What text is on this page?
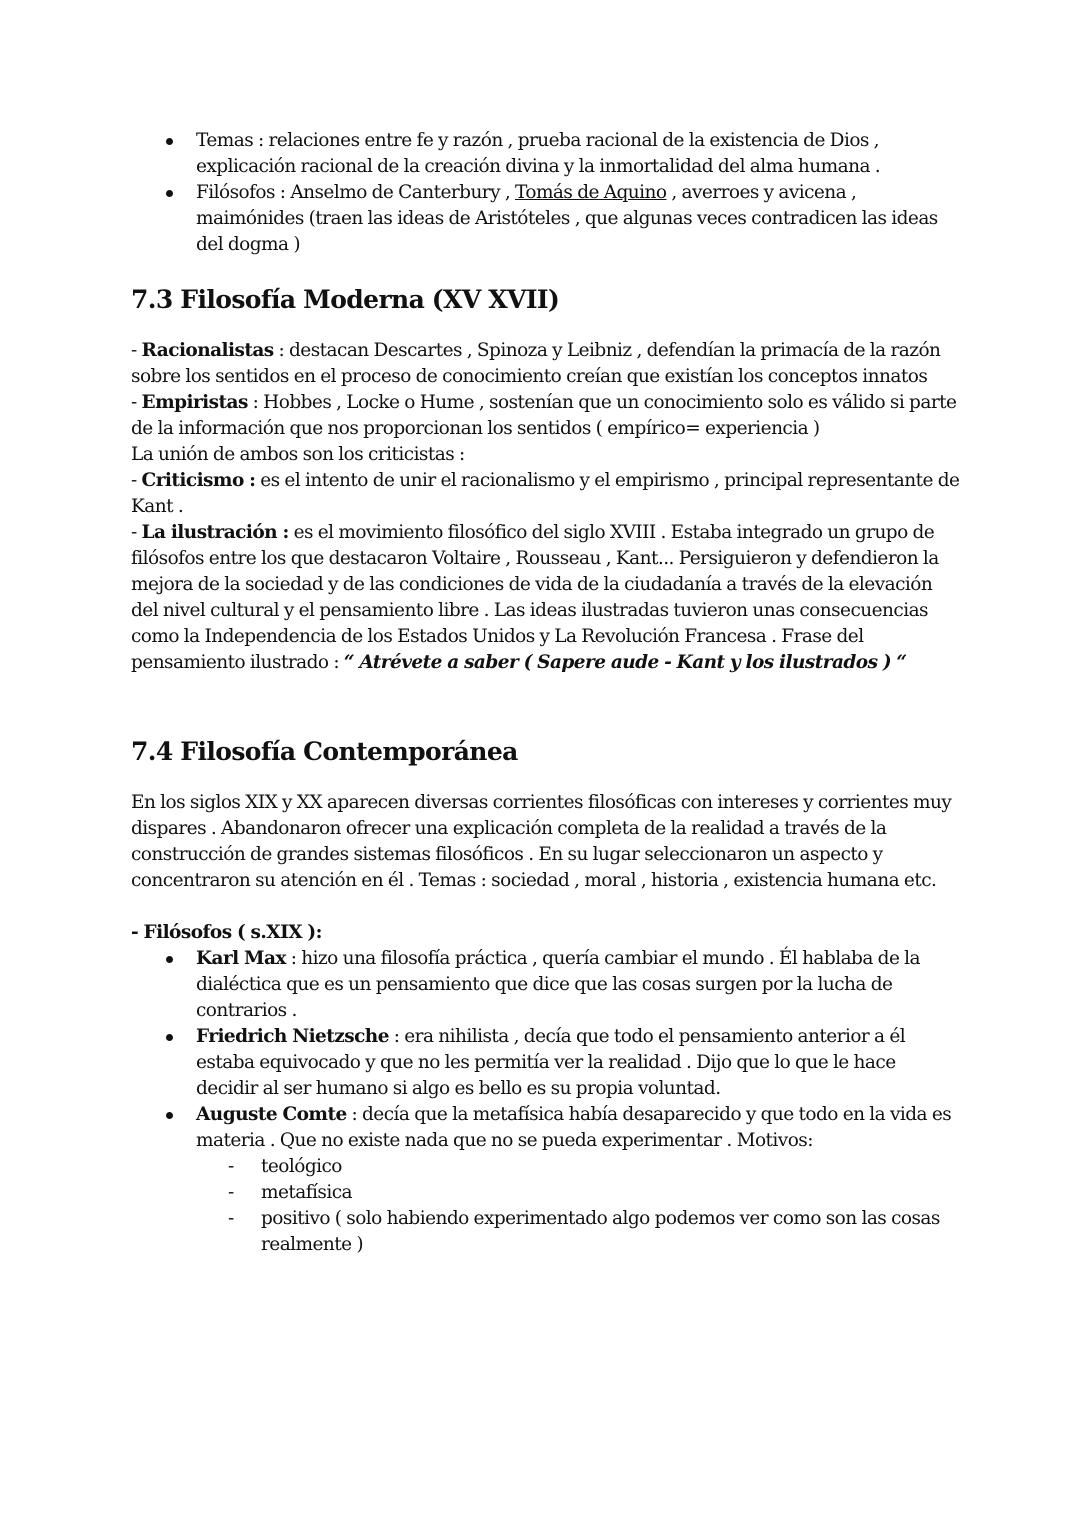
Temas : relaciones entre fe y razón , prueba racional de la existencia de Dios , explicación racional de la creación divina y la inmortalidad del alma humana .
Filósofos : Anselmo de Canterbury , Tomás de Aquino , averroes y avicena , maimónides (traen las ideas de Aristóteles , que algunas veces contradicen las ideas del dogma )
7.3 Filosofía Moderna (XV XVII)

- Racionalistas : destacan Descartes , Spinoza y Leibniz , defendían la primacía de la razón sobre los sentidos en el proceso de conocimiento creían que existían los conceptos innatos

- Empiristas : Hobbes , Locke o Hume , sostenían que un conocimiento solo es válido si parte de la información que nos proporcionan los sentidos ( empírico= experiencia )

La unión de ambos son los criticistas :

- Criticismo : es el intento de unir el racionalismo y el empirismo , principal representante de Kant .

- La ilustración : es el movimiento filosófico del siglo XVIII . Estaba integrado un grupo de filósofos entre los que destacaron Voltaire , Rousseau , Kant... Persiguieron y defendieron la mejora de la sociedad y de las condiciones de vida de la ciudadanía a través de la elevación del nivel cultural y el pensamiento libre . Las ideas ilustradas tuvieron unas consecuencias como la Independencia de los Estados Unidos y La Revolución Francesa . Frase del pensamiento ilustrado : “ Atrévete a saber ( Sapere aude - Kant y los ilustrados ) “

7.4 Filosofía Contemporánea

En los siglos XIX y XX aparecen diversas corrientes filosóficas con intereses y corrientes muy dispares . Abandonaron ofrecer una explicación completa de la realidad a través de la construcción de grandes sistemas filosóficos . En su lugar seleccionaron un aspecto y concentraron su atención en él . Temas : sociedad , moral , historia , existencia humana etc.

- Filósofos ( s.XIX ):

Karl Max : hizo una filosofía práctica , quería cambiar el mundo . Él hablaba de la dialéctica que es un pensamiento que dice que las cosas surgen por la lucha de contrarios .
Friedrich Nietzsche : era nihilista , decía que todo el pensamiento anterior a él estaba equivocado y que no les permitía ver la realidad . Dijo que lo que le hace decidir al ser humano si algo es bello es su propia voluntad.
Auguste Comte : decía que la metafísica había desaparecido y que todo en la vida es materia . Que no existe nada que no se pueda experimentar . Motivos:
- teológico
- metafísica
- positivo ( solo habiendo experimentado algo podemos ver como son las cosas realmente )
